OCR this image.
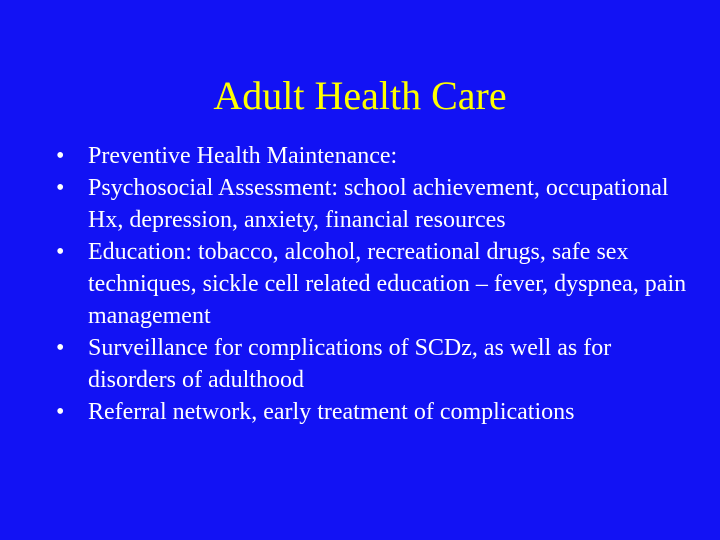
Adult Health Care
• Preventive Health Maintenance:
• Psychosocial Assessment: school achievement, occupational Hx, depression, anxiety, financial resources
• Education: tobacco, alcohol, recreational drugs, safe sex techniques, sickle cell related education – fever, dyspnea, pain management
• Surveillance for complications of SCDz, as well as for disorders of adulthood
• Referral network, early treatment of complications
